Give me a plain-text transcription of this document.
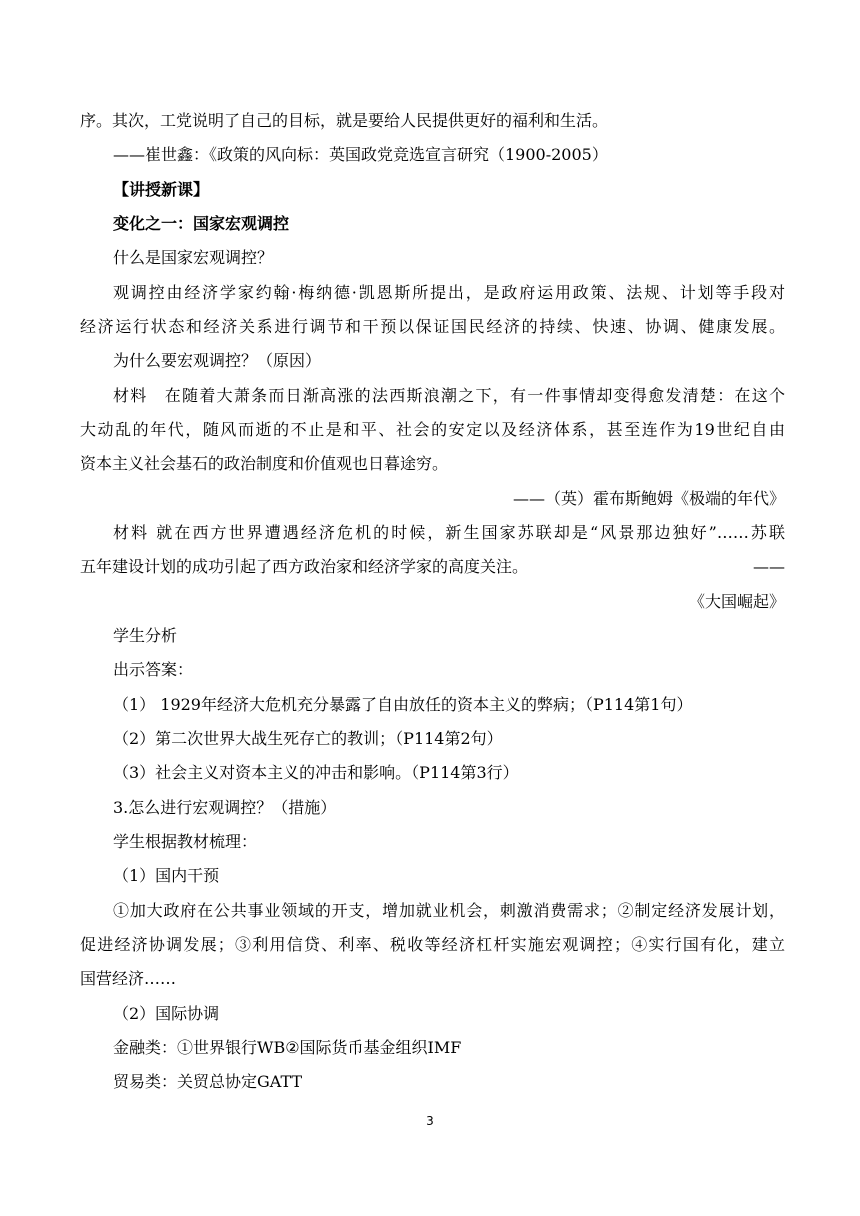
序。其次，工党说明了自己的目标，就是要给人民提供更好的福利和生活。
——崔世鑫：《政策的风向标：英国政党竞选宣言研究（1900-2005）
【讲授新课】
变化之一：国家宏观调控
什么是国家宏观调控？
观调控由经济学家约翰·梅纳德·凯恩斯所提出，是政府运用政策、法规、计划等手段对
经济运行状态和经济关系进行调节和干预以保证国民经济的持续、快速、协调、健康发展。
为什么要宏观调控？（原因）
材料　在随着大萧条而日渐高涨的法西斯浪潮之下，有一件事情却变得愈发清楚：在这个
大动乱的年代，随风而逝的不止是和平、社会的安定以及经济体系，甚至连作为19世纪自由
资本主义社会基石的政治制度和价值观也日暮途穷。
——（英）霍布斯鲍姆《极端的年代》
材料 就在西方世界遭遇经济危机的时候，新生国家苏联却是“风景那边独好”……苏联
五年建设计划的成功引起了西方政治家和经济学家的高度关注。	——
《大国崛起》
学生分析
出示答案：
（1） 1929年经济大危机充分暴露了自由放任的资本主义的弊病；（P114第1句）
（2）第二次世界大战生死存亡的教训；（P114第2句）
（3）社会主义对资本主义的冲击和影响。（P114第3行）
3.怎么进行宏观调控？（措施）
学生根据教材梳理：
（1）国内干预
①加大政府在公共事业领域的开支，增加就业机会，刺激消费需求；②制定经济发展计划，
促进经济协调发展；③利用信贷、利率、税收等经济杠杆实施宏观调控；④实行国有化，建立
国营经济……
（2）国际协调
金融类：①世界银行WB②国际货币基金组织IMF
贸易类：关贸总协定GATT
3
